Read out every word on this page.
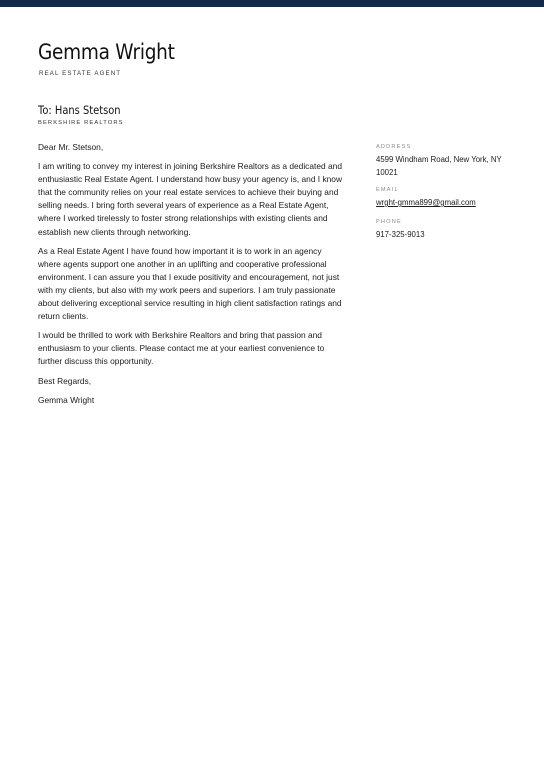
Gemma Wright
REAL ESTATE AGENT
To: Hans Stetson
BERKSHIRE REALTORS

Dear Mr. Stetson,

I am writing to convey my interest in joining Berkshire Realtors as a dedicated and enthusiastic Real Estate Agent. I understand how busy your agency is, and I know that the community relies on your real estate services to achieve their buying and selling needs. I bring forth several years of experience as a Real Estate Agent, where I worked tirelessly to foster strong relationships with existing clients and establish new clients through networking.

As a Real Estate Agent I have found how important it is to work in an agency where agents support one another in an uplifting and cooperative professional environment. I can assure you that I exude positivity and encouragement, not just with my clients, but also with my work peers and superiors. I am truly passionate about delivering exceptional service resulting in high client satisfaction ratings and return clients.

I would be thrilled to work with Berkshire Realtors and bring that passion and enthusiasm to your clients. Please contact me at your earliest convenience to further discuss this opportunity.

Best Regards,

Gemma Wright

ADDRESS

4599 Windham Road, New York, NY 10021

EMAIL

wrght-gmma899@gmail.com

PHONE

917-325-9013
